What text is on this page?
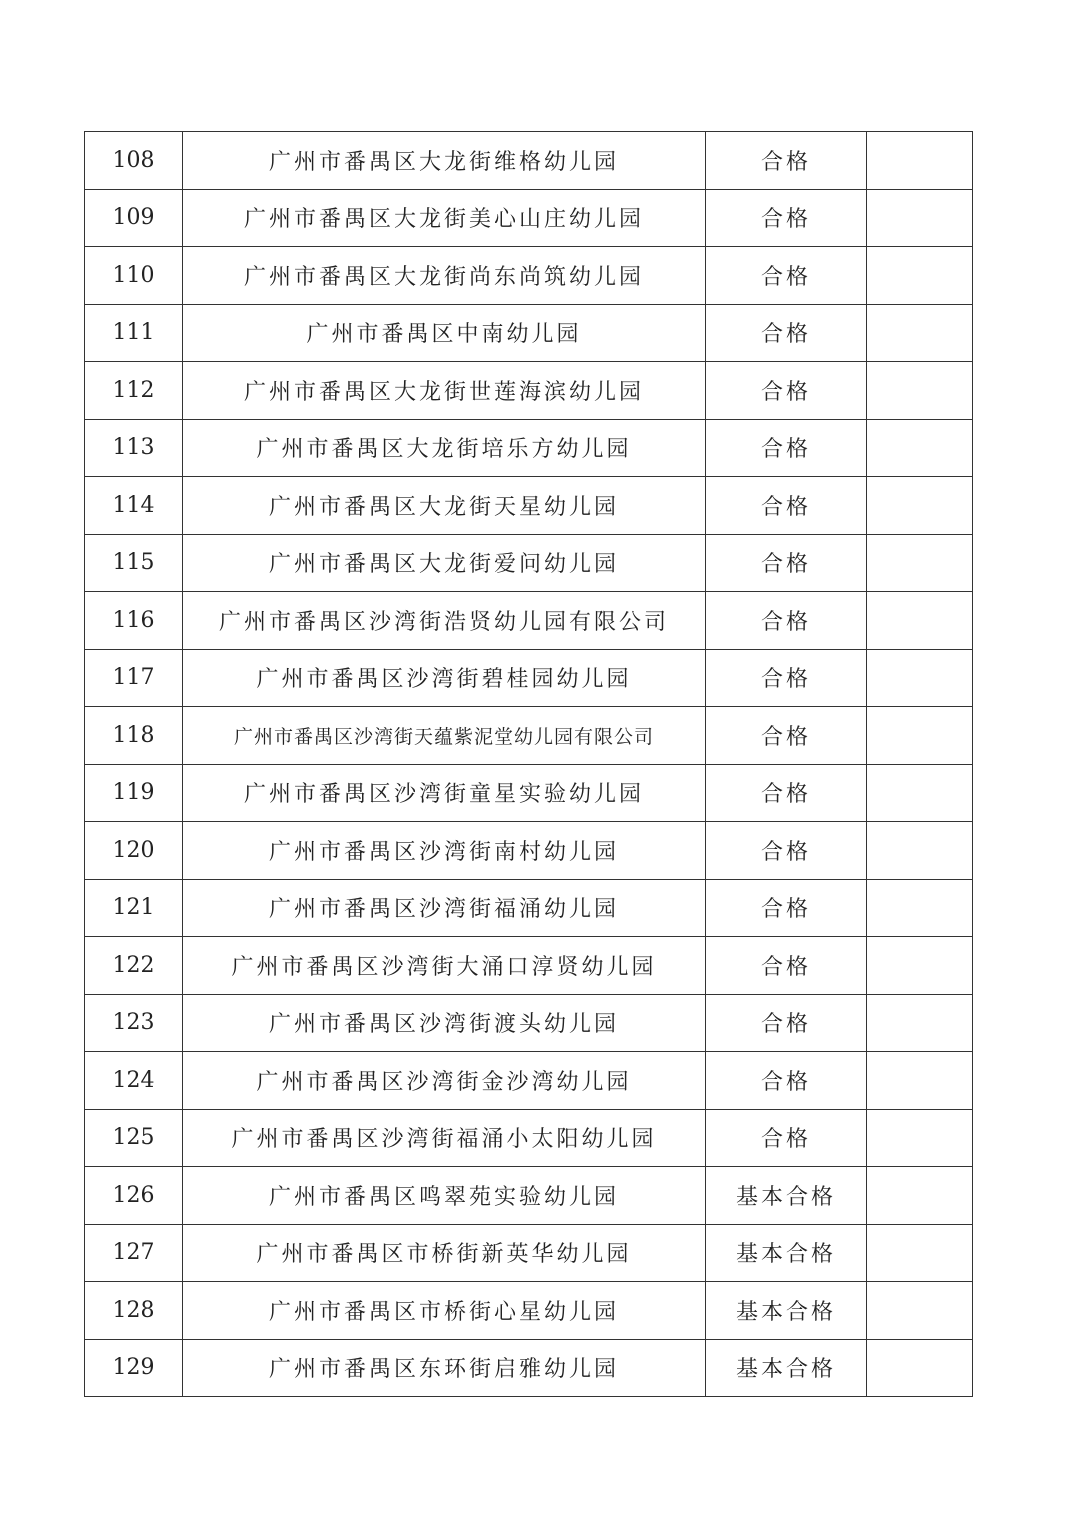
108	广州市番禺区大龙街维格幼儿园	合格	
109	广州市番禺区大龙街美心山庄幼儿园	合格	
110	广州市番禺区大龙街尚东尚筑幼儿园	合格	
111	广州市番禺区中南幼儿园	合格	
112	广州市番禺区大龙街世莲海滨幼儿园	合格	
113	广州市番禺区大龙街培乐方幼儿园	合格	
114	广州市番禺区大龙街天星幼儿园	合格	
115	广州市番禺区大龙街爱问幼儿园	合格	
116	广州市番禺区沙湾街浩贤幼儿园有限公司	合格	
117	广州市番禺区沙湾街碧桂园幼儿园	合格	
118	广州市番禺区沙湾街天蕴紫泥堂幼儿园有限公司	合格	
119	广州市番禺区沙湾街童星实验幼儿园	合格	
120	广州市番禺区沙湾街南村幼儿园	合格	
121	广州市番禺区沙湾街福涌幼儿园	合格	
122	广州市番禺区沙湾街大涌口淳贤幼儿园	合格	
123	广州市番禺区沙湾街渡头幼儿园	合格	
124	广州市番禺区沙湾街金沙湾幼儿园	合格	
125	广州市番禺区沙湾街福涌小太阳幼儿园	合格	
126	广州市番禺区鸣翠苑实验幼儿园	基本合格	
127	广州市番禺区市桥街新英华幼儿园	基本合格	
128	广州市番禺区市桥街心星幼儿园	基本合格	
129	广州市番禺区东环街启雅幼儿园	基本合格	
